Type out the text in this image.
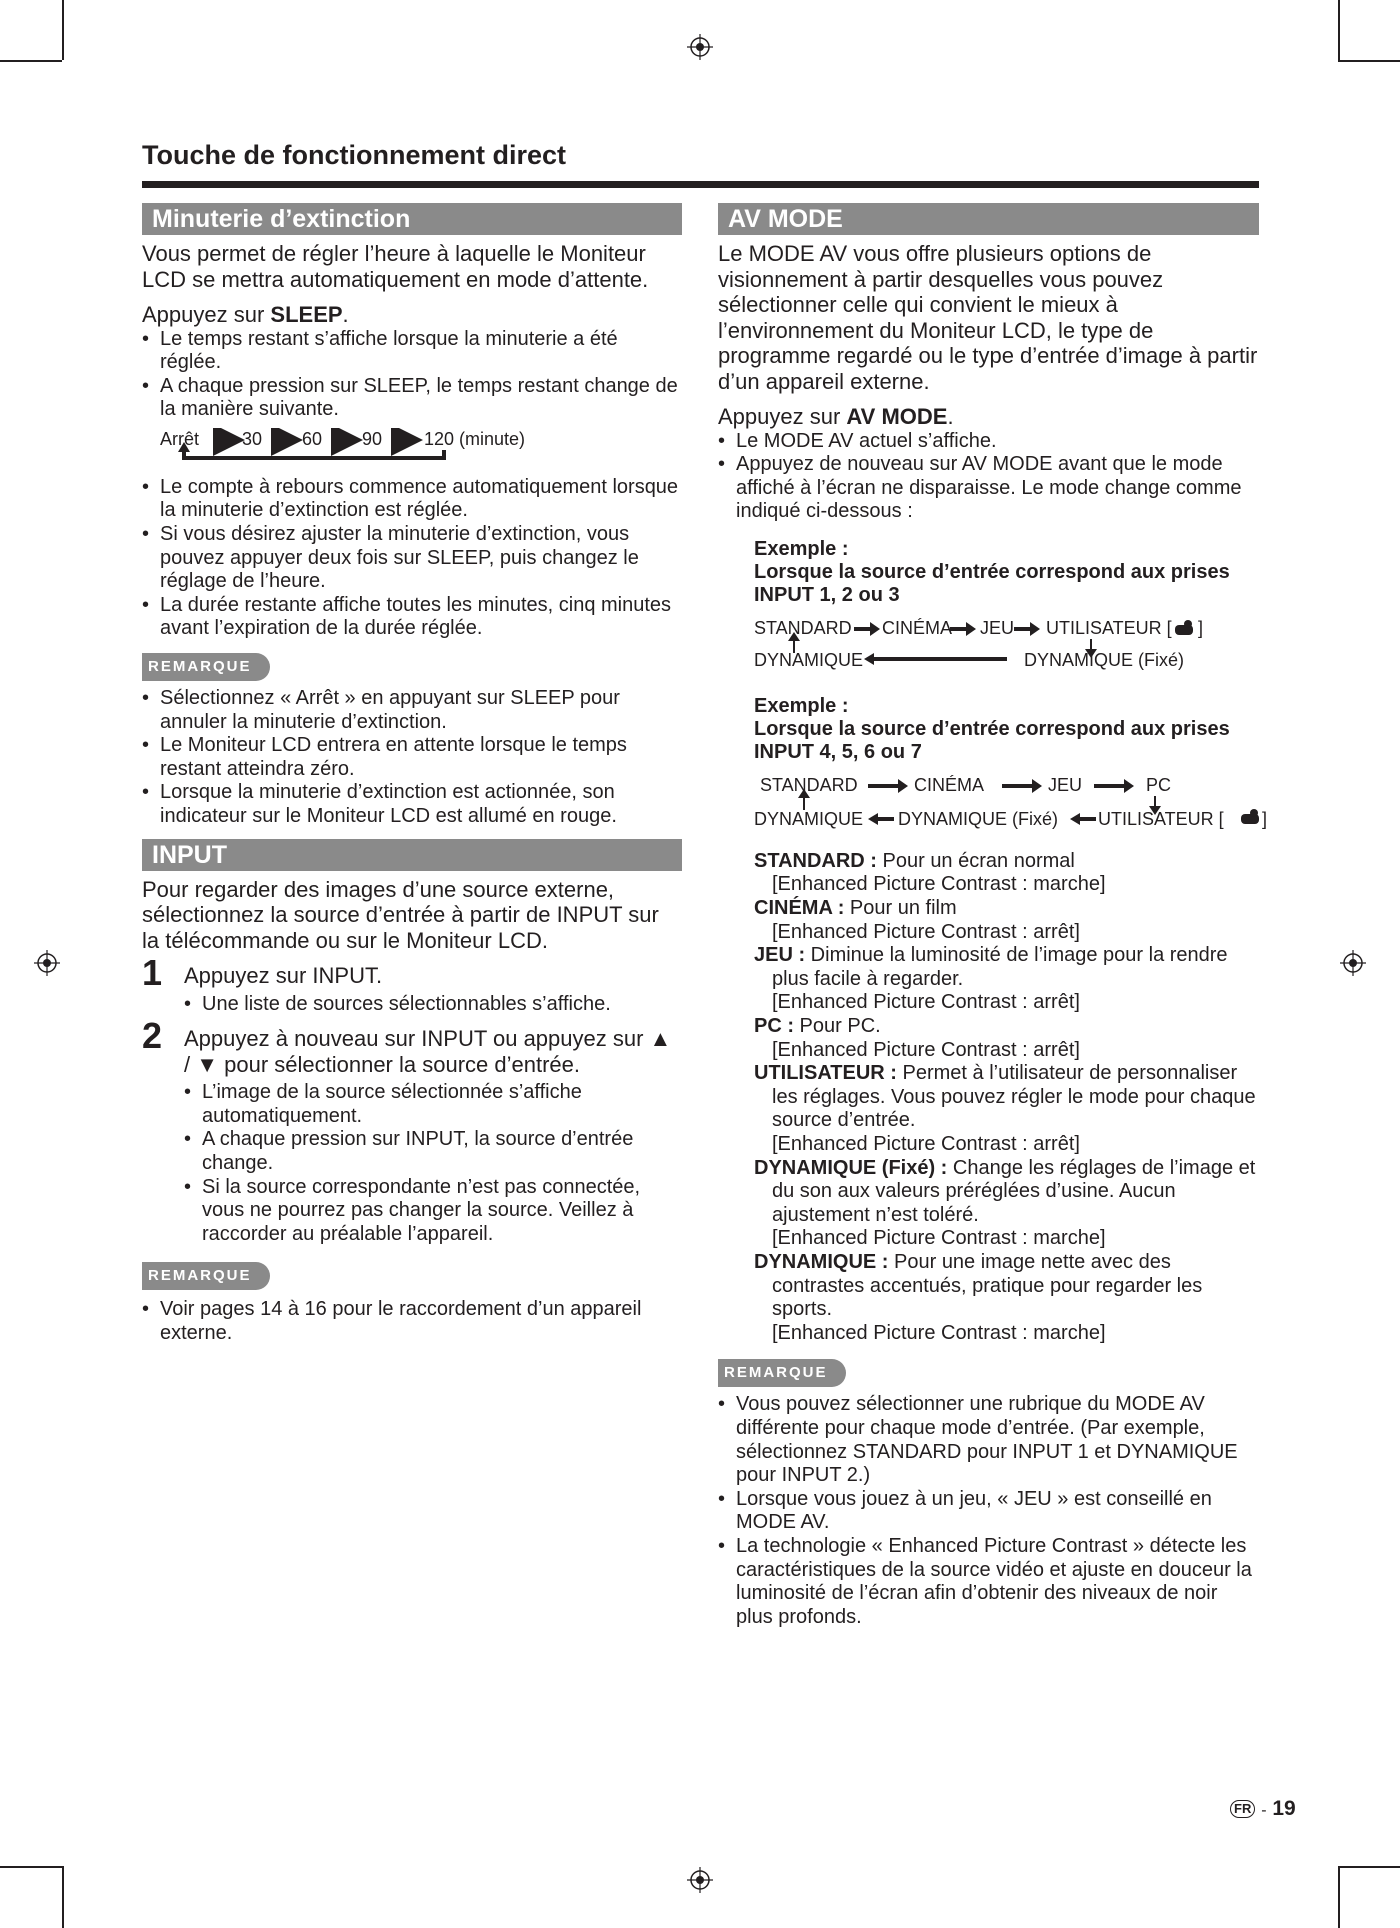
Touche de fonctionnement direct
Minuterie d’extinction

Vous permet de régler l’heure à laquelle le Moniteur LCD se mettra automatiquement en mode d’attente.

Appuyez sur SLEEP.

• Le temps restant s’affiche lorsque la minuterie a été réglée.
• A chaque pression sur SLEEP, le temps restant change de la manière suivante.
Arrêt 30 60 90 120 (minute)
• Le compte à rebours commence automatiquement lorsque la minuterie d’extinction est réglée.
• Si vous désirez ajuster la minuterie d’extinction, vous pouvez appuyer deux fois sur SLEEP, puis changez le réglage de l’heure.
• La durée restante affiche toutes les minutes, cinq minutes avant l’expiration de la durée réglée.
REMARQUE
• Sélectionnez « Arrêt » en appuyant sur SLEEP pour annuler la minuterie d’extinction.
• Le Moniteur LCD entrera en attente lorsque le temps restant atteindra zéro.
• Lorsque la minuterie d’extinction est actionnée, son indicateur sur le Moniteur LCD est allumé en rouge.
INPUT

Pour regarder des images d’une source externe, sélectionnez la source d’entrée à partir de INPUT sur la télécommande ou sur le Moniteur LCD.

1 Appuyez sur INPUT.

• Une liste de sources sélectionnables s’affiche.
2 Appuyez à nouveau sur INPUT ou appuyez sur ▲ / ▼ pour sélectionner la source d’entrée.

• L’image de la source sélectionnée s’affiche automatiquement.
• A chaque pression sur INPUT, la source d’entrée change.
• Si la source correspondante n’est pas connectée, vous ne pourrez pas changer la source. Veillez à raccorder au préalable l’appareil.
REMARQUE
• Voir pages 14 à 16 pour le raccordement d’un appareil externe.
AV MODE

Le MODE AV vous offre plusieurs options de visionnement à partir desquelles vous pouvez sélectionner celle qui convient le mieux à l’environnement du Moniteur LCD, le type de programme regardé ou le type d’entrée d’image à partir d’un appareil externe.

Appuyez sur AV MODE.

• Le MODE AV actuel s’affiche.
• Appuyez de nouveau sur AV MODE avant que le mode affiché à l’écran ne disparaisse. Le mode change comme indiqué ci-dessous :

Exemple :

Lorsque la source d’entrée correspond aux prises INPUT 1, 2 ou 3

STANDARD CINÉMA JEU UTILISATEUR [ ]
DYNAMIQUE	DYNAMIQUE (Fixé)

Exemple :

Lorsque la source d’entrée correspond aux prises INPUT 4, 5, 6 ou 7

STANDARD	CINÉMA	JEU	PC
DYNAMIQUE DYNAMIQUE (Fixé) UTILISATEUR [ ]

STANDARD : Pour un écran normal

[Enhanced Picture Contrast : marche]

CINÉMA : Pour un film

[Enhanced Picture Contrast : arrêt]

JEU : Diminue la luminosité de l’image pour la rendre plus facile à regarder.

[Enhanced Picture Contrast : arrêt]

PC : Pour PC.

[Enhanced Picture Contrast : arrêt]

UTILISATEUR : Permet à l’utilisateur de personnaliser les réglages. Vous pouvez régler le mode pour chaque source d’entrée.

[Enhanced Picture Contrast : arrêt]

DYNAMIQUE (Fixé) : Change les réglages de l’image et du son aux valeurs préréglées d’usine. Aucun ajustement n’est toléré.

[Enhanced Picture Contrast : marche]

DYNAMIQUE : Pour une image nette avec des contrastes accentués, pratique pour regarder les sports.

[Enhanced Picture Contrast : marche]

REMARQUE
• Vous pouvez sélectionner une rubrique du MODE AV différente pour chaque mode d’entrée. (Par exemple, sélectionnez STANDARD pour INPUT 1 et DYNAMIQUE pour INPUT 2.)
• Lorsque vous jouez à un jeu, « JEU » est conseillé en MODE AV.
• La technologie « Enhanced Picture Contrast » détecte les caractéristiques de la source vidéo et ajuste en douceur la luminosité de l’écran afin d’obtenir des niveaux de noir plus profonds.
FR - 19
